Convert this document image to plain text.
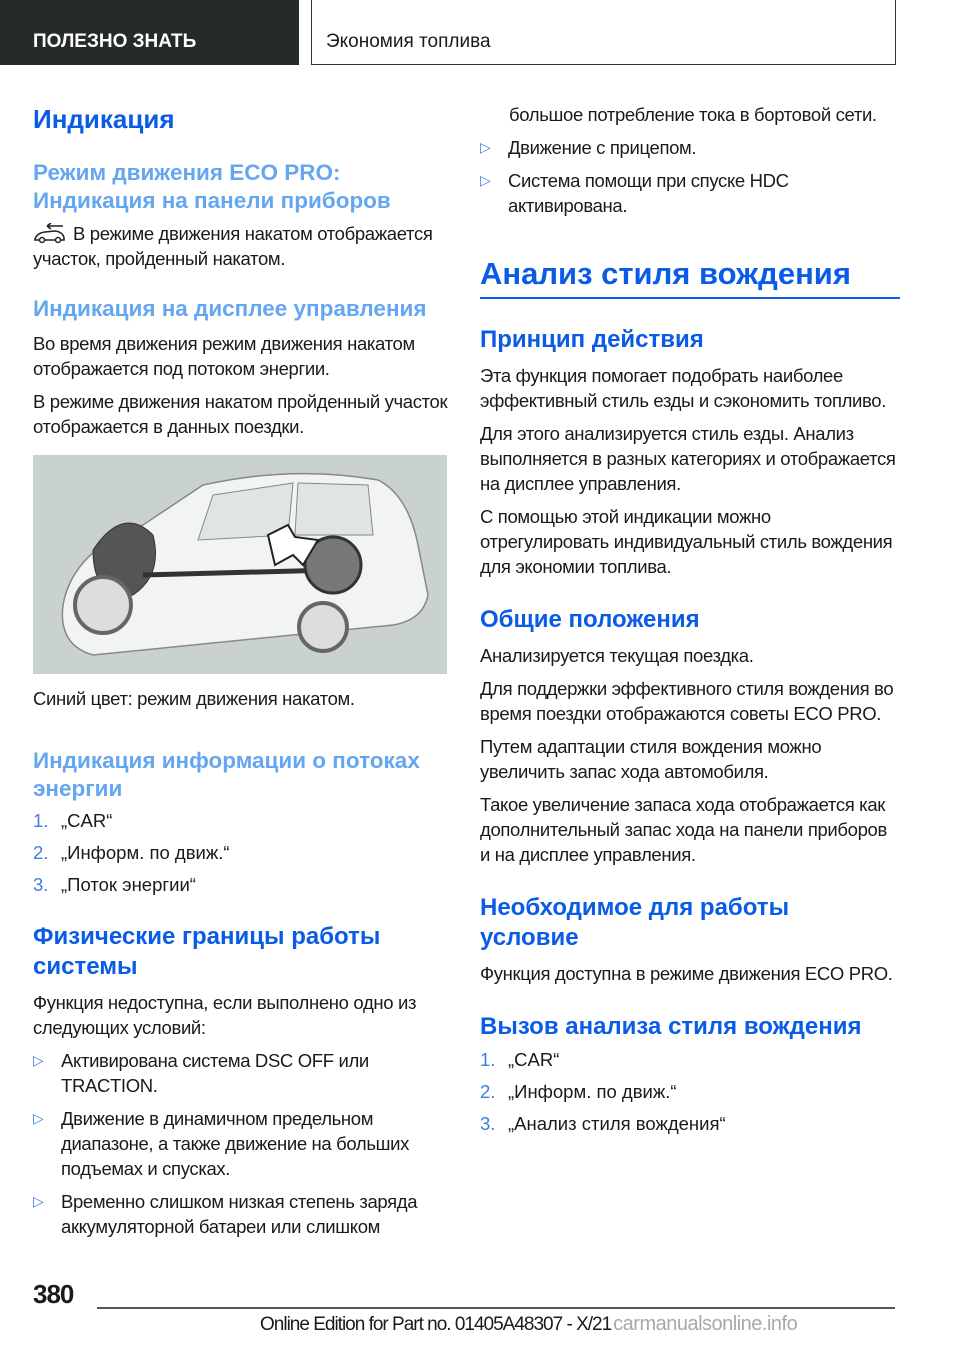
ПОЛЕЗНО ЗНАТЬ	Экономия топлива
Индикация
Режим движения ECO PRO: Индикация на панели приборов
В режиме движения накатом отображается участок, пройденный накатом.
Индикация на дисплее управления
Во время движения режим движения накатом отображается под потоком энергии.
В режиме движения накатом пройденный участок отображается в данных поездки.
Синий цвет: режим движения накатом.
Индикация информации о потоках энергии
1. „CAR“
2. „Информ. по движ.“
3. „Поток энергии“
Физические границы работы системы
Функция недоступна, если выполнено одно из следующих условий:
▷ Активирована система DSC OFF или TRACTION.
▷ Движение в динамичном предельном диапазоне, а также движение на больших подъемах и спусках.
▷ Временно слишком низкая степень заряда аккумуляторной батареи или слишком
большое потребление тока в бортовой сети.
▷ Движение с прицепом.
▷ Система помощи при спуске HDC активирована.
Анализ стиля вождения
Принцип действия
Эта функция помогает подобрать наиболее эффективный стиль езды и сэкономить топливо.
Для этого анализируется стиль езды. Анализ выполняется в разных категориях и отображается на дисплее управления.
С помощью этой индикации можно отрегулировать индивидуальный стиль вождения для экономии топлива.
Общие положения
Анализируется текущая поездка.
Для поддержки эффективного стиля вождения во время поездки отображаются советы ECO PRO.
Путем адаптации стиля вождения можно увеличить запас хода автомобиля.
Такое увеличение запаса хода отображается как дополнительный запас хода на панели приборов и на дисплее управления.
Необходимое для работы условие
Функция доступна в режиме движения ECO PRO.
Вызов анализа стиля вождения
1. „CAR“
2. „Информ. по движ.“
3. „Анализ стиля вождения“
380
Online Edition for Part no. 01405A48307 - X/21 carmanualsonline.info
